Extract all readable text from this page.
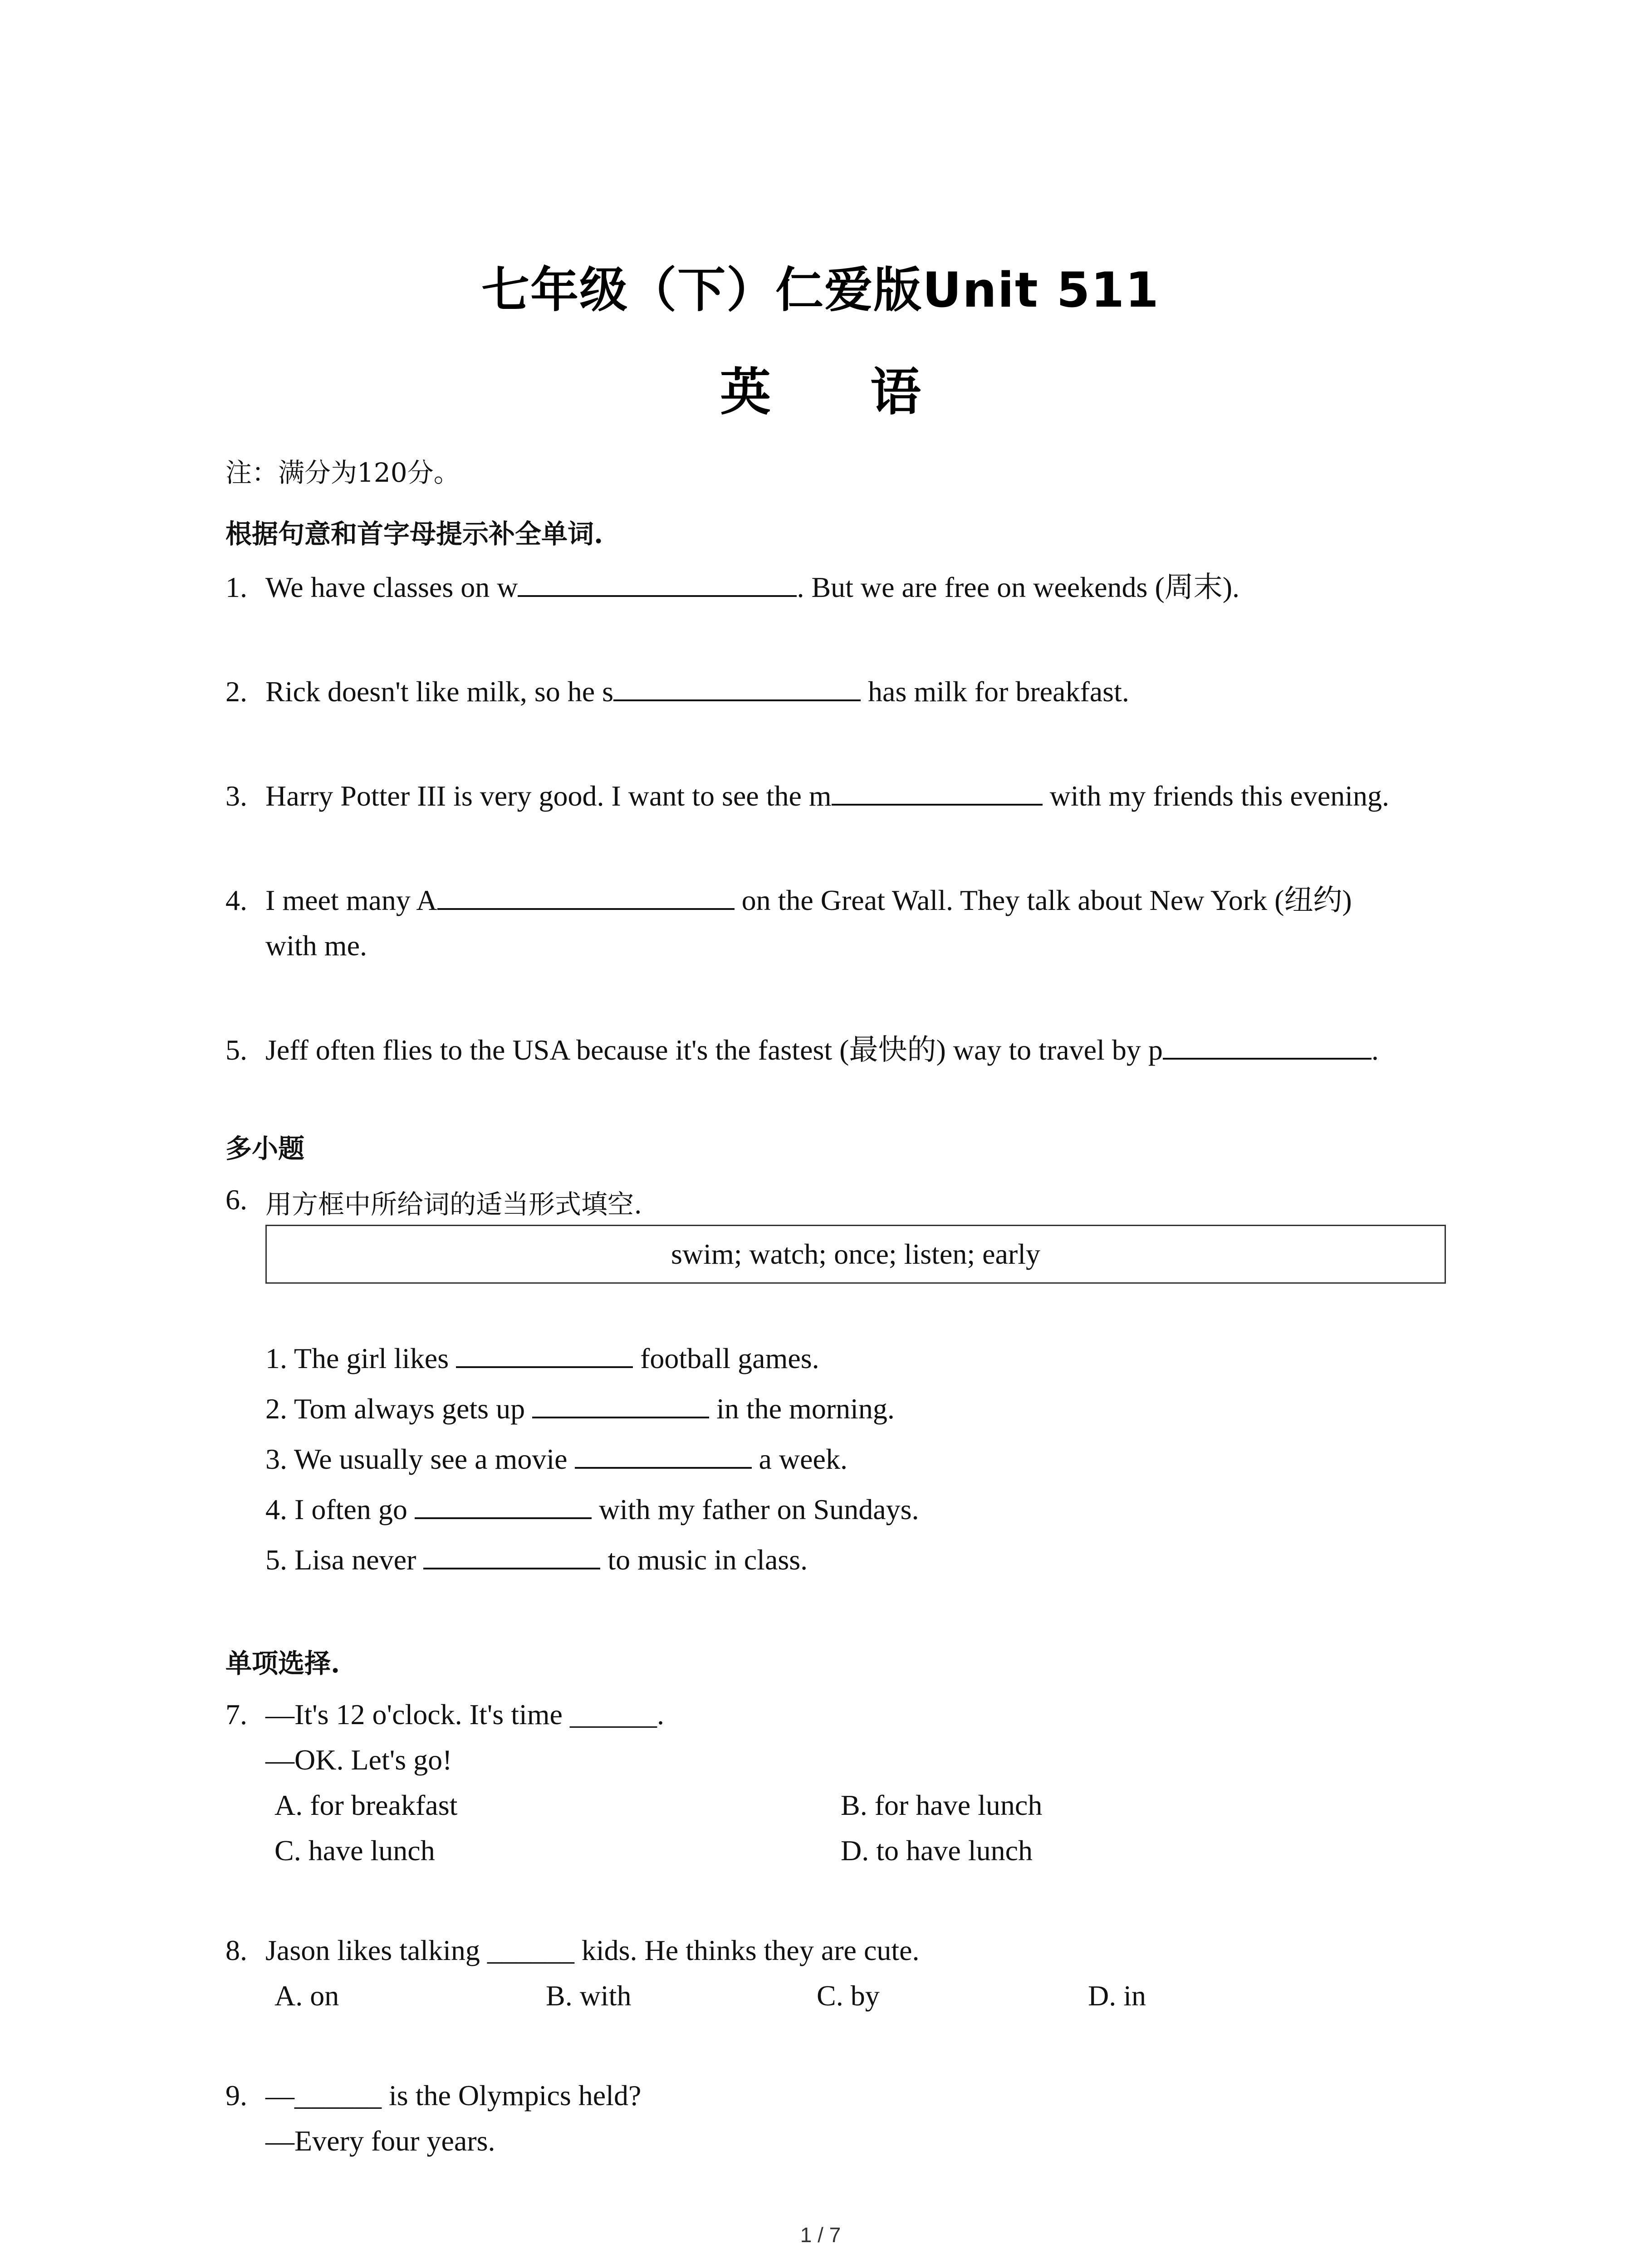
七年级（下）仁爱版Unit 511
英 语
注：满分为120分。
根据句意和首字母提示补全单词.
1. We have classes on w	. But we are free on weekends (周末).
2. Rick doesn't like milk, so he s	has milk for breakfast.
3. Harry Potter III is very good. I want to see the m	with my friends this evening.
4. I meet many A	on the Great Wall. They talk about New York (纽约)
with me.
5. Jeff often flies to the USA because it's the fastest (最快的) way to travel by p	.
多小题
6. 用方框中所给词的适当形式填空.
swim; watch; once; listen; early
1. The girl likes	football games.
2. Tom always gets up	in the morning.
3. We usually see a movie	a week.
4. I often go	with my father on Sundays.
5. Lisa never	to music in class.
单项选择.
7. —It's 12 o'clock. It's time ______.
—OK. Let's go!
A. for breakfast	B. for have lunch
C. have lunch	D. to have lunch
8. Jason likes talking ______ kids. He thinks they are cute.
A. on	B. with	C. by	D. in
9. —______ is the Olympics held?
—Every four years.
1 / 7
